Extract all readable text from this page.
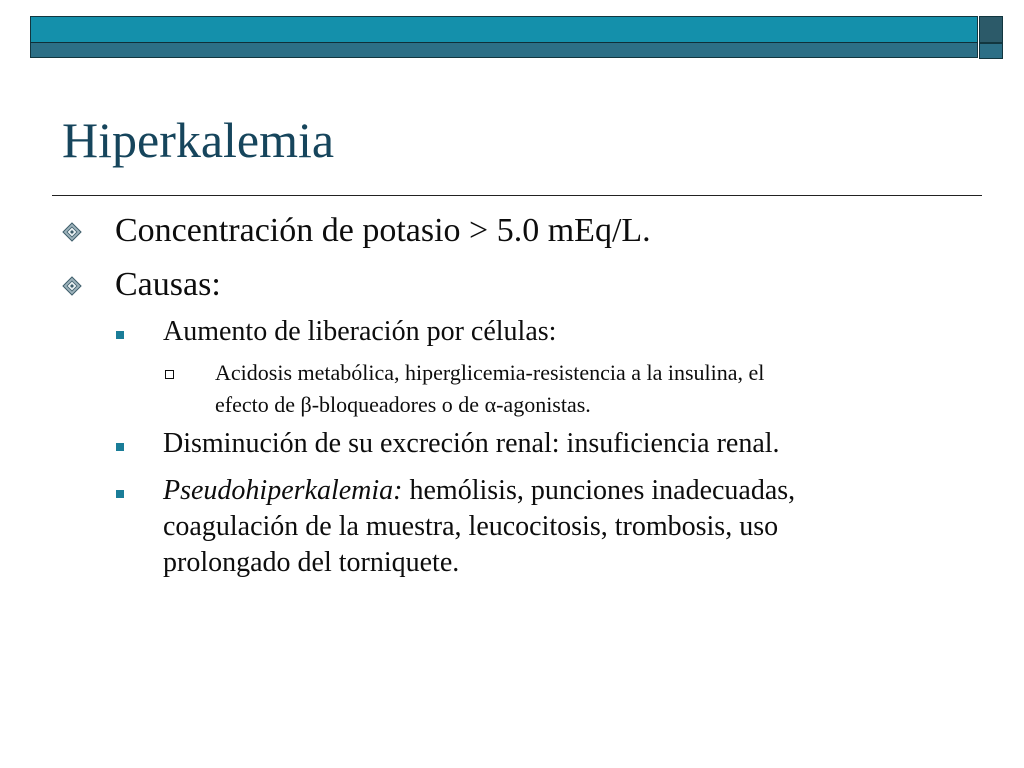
Hiperkalemia
Concentración de potasio > 5.0 mEq/L.
Causas:
Aumento de liberación por células:
Acidosis metabólica, hiperglicemia-resistencia a la insulina, el
efecto de β-bloqueadores o de α-agonistas.
Disminución de su excreción renal: insuficiencia renal.
Pseudohiperkalemia: hemólisis, punciones inadecuadas,
coagulación de la muestra, leucocitosis, trombosis, uso
prolongado del torniquete.
